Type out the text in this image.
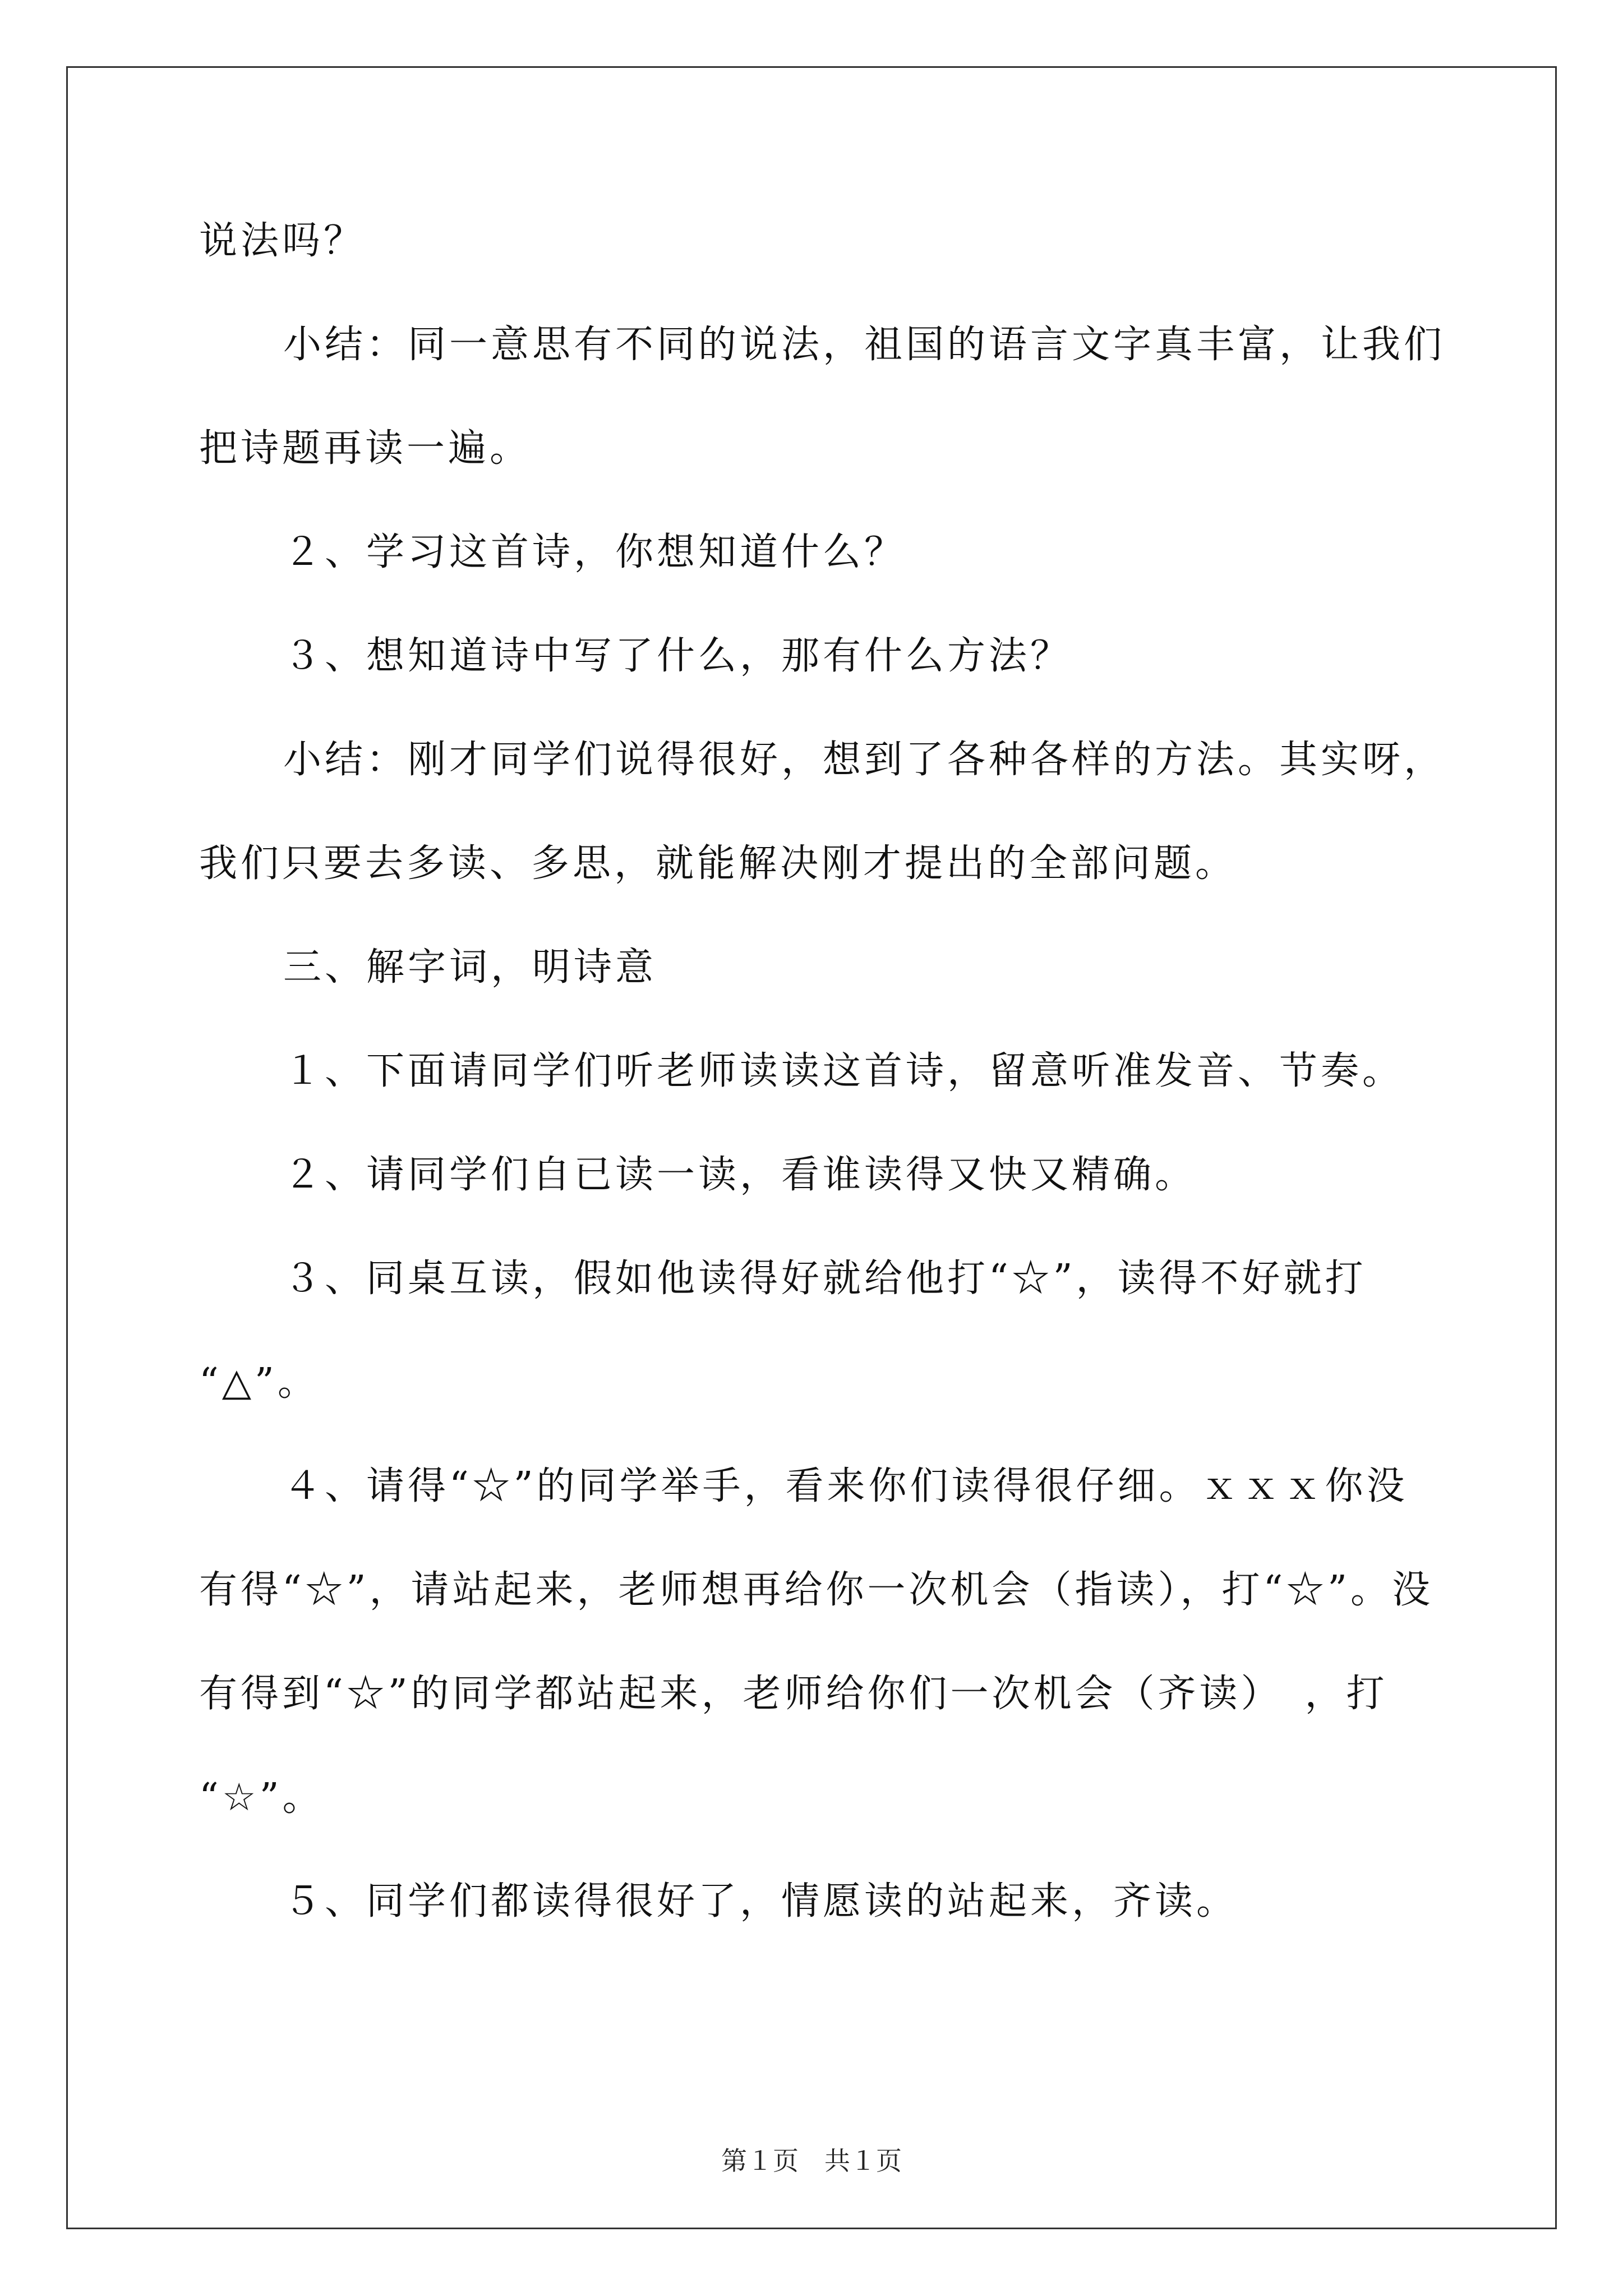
说法吗？
小结：同一意思有不同的说法，祖国的语言文字真丰富，让我们
把诗题再读一遍。
２、学习这首诗，你想知道什么？
３、想知道诗中写了什么，那有什么方法？
小结：刚才同学们说得很好，想到了各种各样的方法。其实呀，
我们只要去多读、多思，就能解决刚才提出的全部问题。
三、解字词，明诗意
１、下面请同学们听老师读读这首诗，留意听准发音、节奏。
２、请同学们自已读一读，看谁读得又快又精确。
３、同桌互读，假如他读得好就给他打“☆”，读得不好就打
“△”。
４、请得“☆”的同学举手，看来你们读得很仔细。ｘｘｘ你没
有得“☆”，请站起来，老师想再给你一次机会（指读），打“☆”。没
有得到“☆”的同学都站起来，老师给你们一次机会（齐读）　，打
“☆”。
５、同学们都读得很好了，情愿读的站起来，齐读。
第１页　共１页
